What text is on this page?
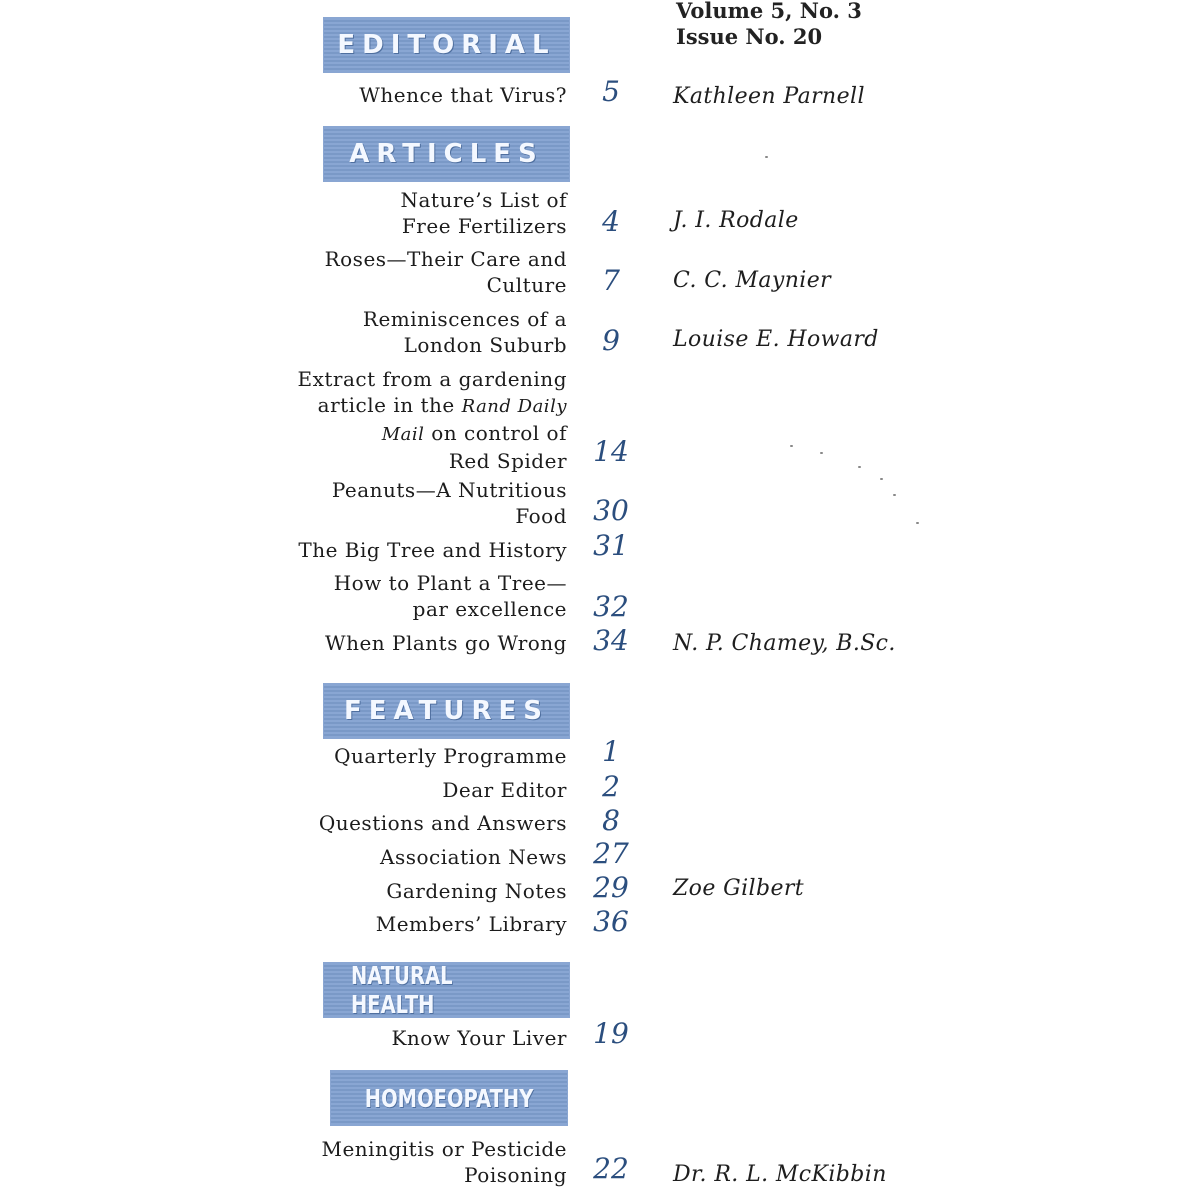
Volume 5, No. 3
Issue No. 20
EDITORIAL
Whence that Virus?	5	Kathleen Parnell
ARTICLES
Nature’s List of
Free Fertilizers	4	J. I. Rodale
Roses—Their Care and
Culture	7	C. C. Maynier
Reminiscences of a
London Suburb	9	Louise E. Howard
Extract from a gardening
article in the Rand Daily
Mail on control of
Red Spider 14
Peanuts—A Nutritious
Food 30
The Big Tree and History 31
How to Plant a Tree—
par excellence 32
When Plants go Wrong 34 N. P. Chamey, B.Sc.
FEATURES
Quarterly Programme	1
Dear Editor	2
Questions and Answers	8
Association News 27
Gardening Notes 29 Zoe Gilbert
Members’ Library 36
NATURAL HEALTH
Know Your Liver 19
HOMOEOPATHY
Meningitis or Pesticide
Poisoning 22 Dr. R. L. McKibbin
